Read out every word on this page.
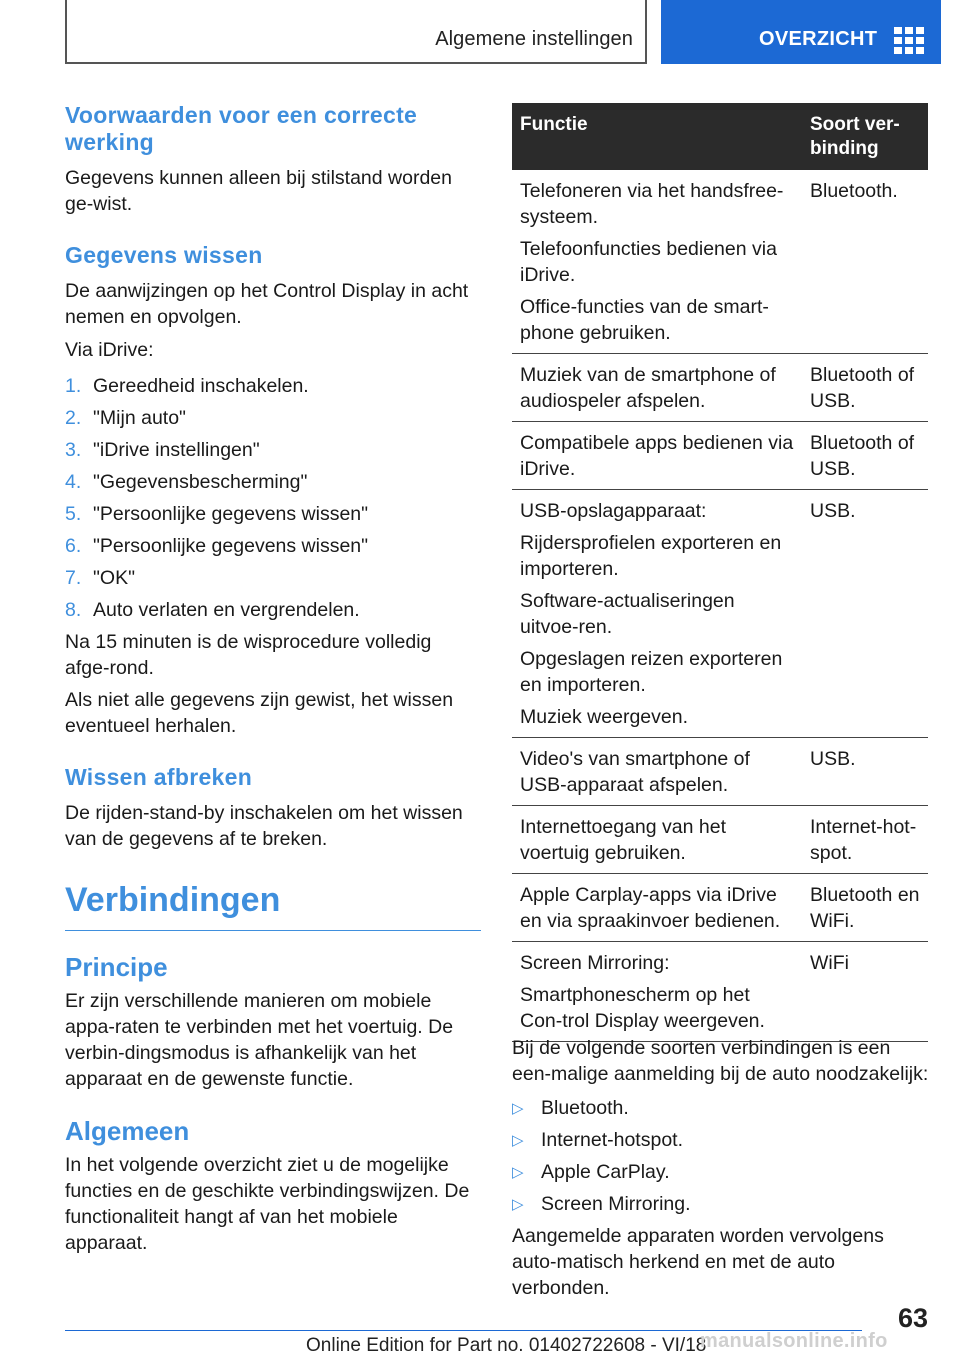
Algemene instellingen	OVERZICHT
Voorwaarden voor een correcte werking

Gegevens kunnen alleen bij stilstand worden ge-wist.

Gegevens wissen

De aanwijzingen op het Control Display in acht nemen en opvolgen.

Via iDrive:

1. Gereedheid inschakelen.
2. "Mijn auto"
3. "iDrive instellingen"
4. "Gegevensbescherming"
5. "Persoonlijke gegevens wissen"
6. "Persoonlijke gegevens wissen"
7. "OK"
8. Auto verlaten en vergrendelen.

Na 15 minuten is de wisprocedure volledig afge-rond.

Als niet alle gegevens zijn gewist, het wissen eventueel herhalen.

Wissen afbreken

De rijden-stand-by inschakelen om het wissen van de gegevens af te breken.

Verbindingen
Principe

Er zijn verschillende manieren om mobiele appa-raten te verbinden met het voertuig. De verbin-dingsmodus is afhankelijk van het apparaat en de gewenste functie.

Algemeen

In het volgende overzicht ziet u de mogelijke functies en de geschikte verbindingswijzen. De functionaliteit hangt af van het mobiele apparaat.

Functie	Soort ver-binding

Telefoneren via het handsfree-systeem.
Telefoonfuncties bedienen via iDrive.
Office-functies van de smart-phone gebruiken.	Bluetooth.

Muziek van de smartphone of audiospeler afspelen.	Bluetooth of USB.

Compatibele apps bedienen via iDrive.	Bluetooth of USB.

USB-opslagapparaat:
Rijdersprofielen exporteren en importeren.
Software-actualiseringen uitvoe-ren.
Opgeslagen reizen exporteren en importeren.
Muziek weergeven.	USB.

Video's van smartphone of USB-apparaat afspelen.	USB.

Internettoegang van het voertuig gebruiken.	Internet-hot-spot.

Apple Carplay-apps via iDrive en via spraakinvoer bedienen.	Bluetooth en WiFi.

Screen Mirroring:
Smartphonescherm op het Con-trol Display weergeven.	WiFi

Bij de volgende soorten verbindingen is een een-malige aanmelding bij de auto noodzakelijk:

▷ Bluetooth.
▷ Internet-hotspot.
▷ Apple CarPlay.
▷ Screen Mirroring.

Aangemelde apparaten worden vervolgens auto-matisch herkend en met de auto verbonden.

63
Online Edition for Part no. 01402722608 - VI/18
manualsonline.info
